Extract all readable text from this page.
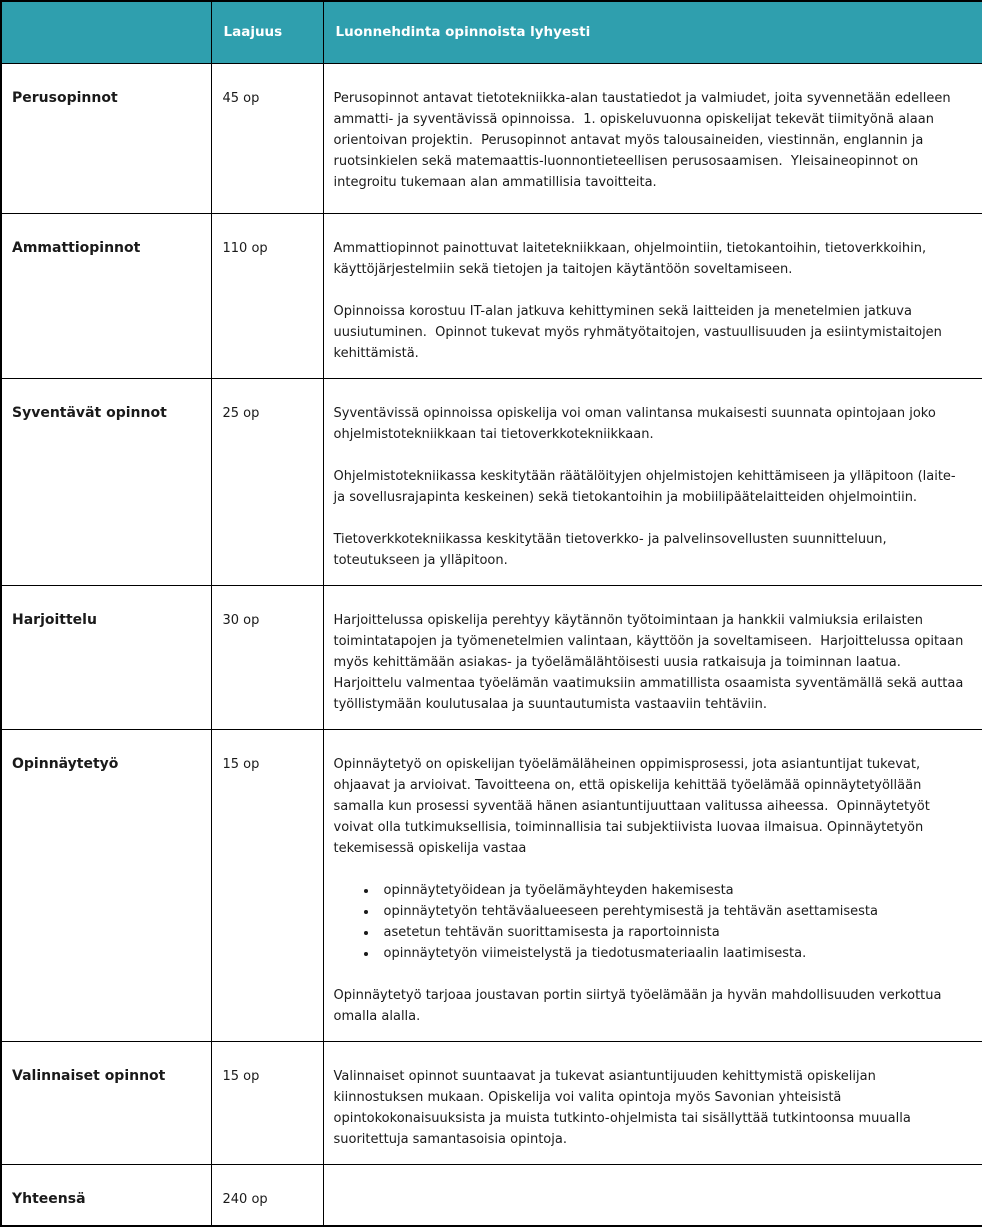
	Laajuus	Luonnehdinta opinnoista lyhyesti
Perusopinnot	45 op	Perusopinnot antavat tietotekniikka-alan taustatiedot ja valmiudet, joita syvennetään edelleen ammatti- ja syventävissä opinnoissa.  1. opiskeluvuonna opiskelijat tekevät tiimityönä alaan orientoivan projektin.  Perusopinnot antavat myös talousaineiden, viestinnän, englannin ja ruotsinkielen sekä matemaattis-luonnontieteellisen perusosaamisen.  Yleisaineopinnot on integroitu tukemaan alan ammatillisia tavoitteita.

Ammattiopinnot	110 op	Ammattiopinnot painottuvat laitetekniikkaan, ohjelmointiin, tietokantoihin, tietoverkkoihin, käyttöjärjestelmiin sekä tietojen ja taitojen käytäntöön soveltamiseen.

Opinnoissa korostuu IT-alan jatkuva kehittyminen sekä laitteiden ja menetelmien jatkuva uusiutuminen.  Opinnot tukevat myös ryhmätyötaitojen, vastuullisuuden ja esiintymistaitojen kehittämistä.

Syventävät opinnot	25 op	Syventävissä opinnoissa opiskelija voi oman valintansa mukaisesti suunnata opintojaan joko ohjelmistotekniikkaan tai tietoverkkotekniikkaan.

Ohjelmistotekniikassa keskitytään räätälöityjen ohjelmistojen kehittämiseen ja ylläpitoon (laite- ja sovellusrajapinta keskeinen) sekä tietokantoihin ja mobiilipäätelaitteiden ohjelmointiin.

Tietoverkkotekniikassa keskitytään tietoverkko- ja palvelinsovellusten suunnitteluun, toteutukseen ja ylläpitoon.

Harjoittelu	30 op	Harjoittelussa opiskelija perehtyy käytännön työtoimintaan ja hankkii valmiuksia erilaisten toimintatapojen ja työmenetelmien valintaan, käyttöön ja soveltamiseen.  Harjoittelussa opitaan myös kehittämään asiakas- ja työelämälähtöisesti uusia ratkaisuja ja toiminnan laatua.  Harjoittelu valmentaa työelämän vaatimuksiin ammatillista osaamista syventämällä sekä auttaa työllistymään koulutusalaa ja suuntautumista vastaaviin tehtäviin.

Opinnäytetyö	15 op	Opinnäytetyö on opiskelijan työelämäläheinen oppimisprosessi, jota asiantuntijat tukevat, ohjaavat ja arvioivat. Tavoitteena on, että opiskelija kehittää työelämää opinnäytetyöllään samalla kun prosessi syventää hänen asiantuntijuuttaan valitussa aiheessa.  Opinnäytetyöt voivat olla tutkimuksellisia, toiminnallisia tai subjektiivista luovaa ilmaisua. Opinnäytetyön tekemisessä opiskelija vastaa

• opinnäytetyöidean ja työelämäyhteyden hakemisesta
• opinnäytetyön tehtäväalueeseen perehtymisestä ja tehtävän asettamisesta
• asetetun tehtävän suorittamisesta ja raportoinnista
• opinnäytetyön viimeistelystä ja tiedotusmateriaalin laatimisesta.

Opinnäytetyö tarjoaa joustavan portin siirtyä työelämään ja hyvän mahdollisuuden verkottua omalla alalla.

Valinnaiset opinnot	15 op	Valinnaiset opinnot suuntaavat ja tukevat asiantuntijuuden kehittymistä opiskelijan kiinnostuksen mukaan. Opiskelija voi valita opintoja myös Savonian yhteisistä opintokokonaisuuksista ja muista tutkinto-ohjelmista tai sisällyttää tutkintoonsa muualla suoritettuja samantasoisia opintoja.

Yhteensä	240 op	
